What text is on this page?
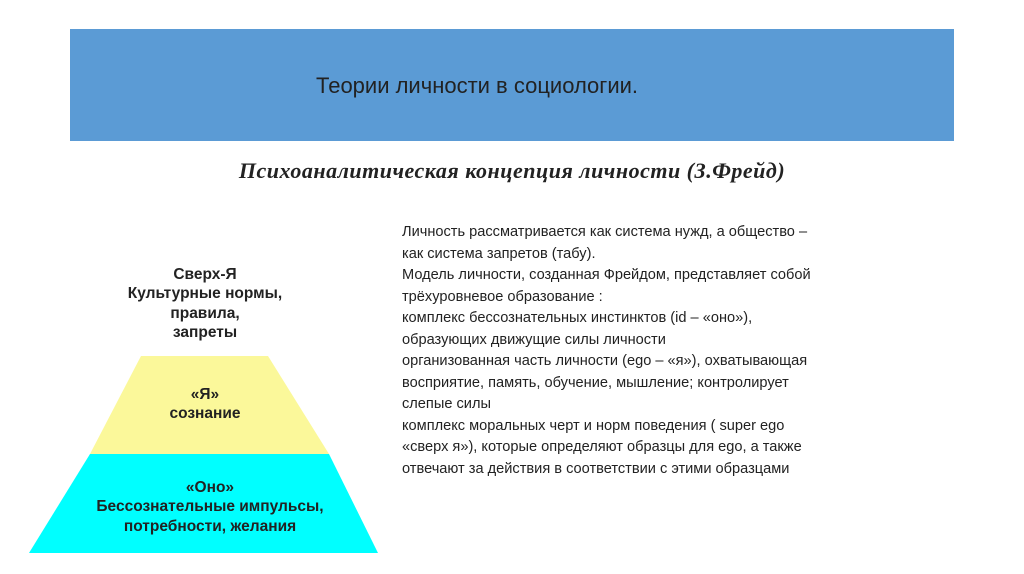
Теории личности в социологии.
Психоаналитическая концепция личности (З.Фрейд)
Сверх-Я
Культурные нормы,
правила,
запреты
«Я»
сознание
«Оно»
Бессознательные импульсы,
потребности, желания
Личность рассматривается как система нужд, а общество –
как система запретов (табу).
Модель личности, созданная Фрейдом, представляет собой
трёхуровневое образование :
комплекс бессознательных инстинктов (id – «оно»),
образующих движущие силы личности
организованная часть личности (ego – «я»), охватывающая
восприятие, память, обучение, мышление; контролирует
слепые силы
комплекс моральных черт и норм поведения ( super ego
«сверх я»), которые определяют образцы для ego, а также
отвечают за действия в соответствии с этими образцами
